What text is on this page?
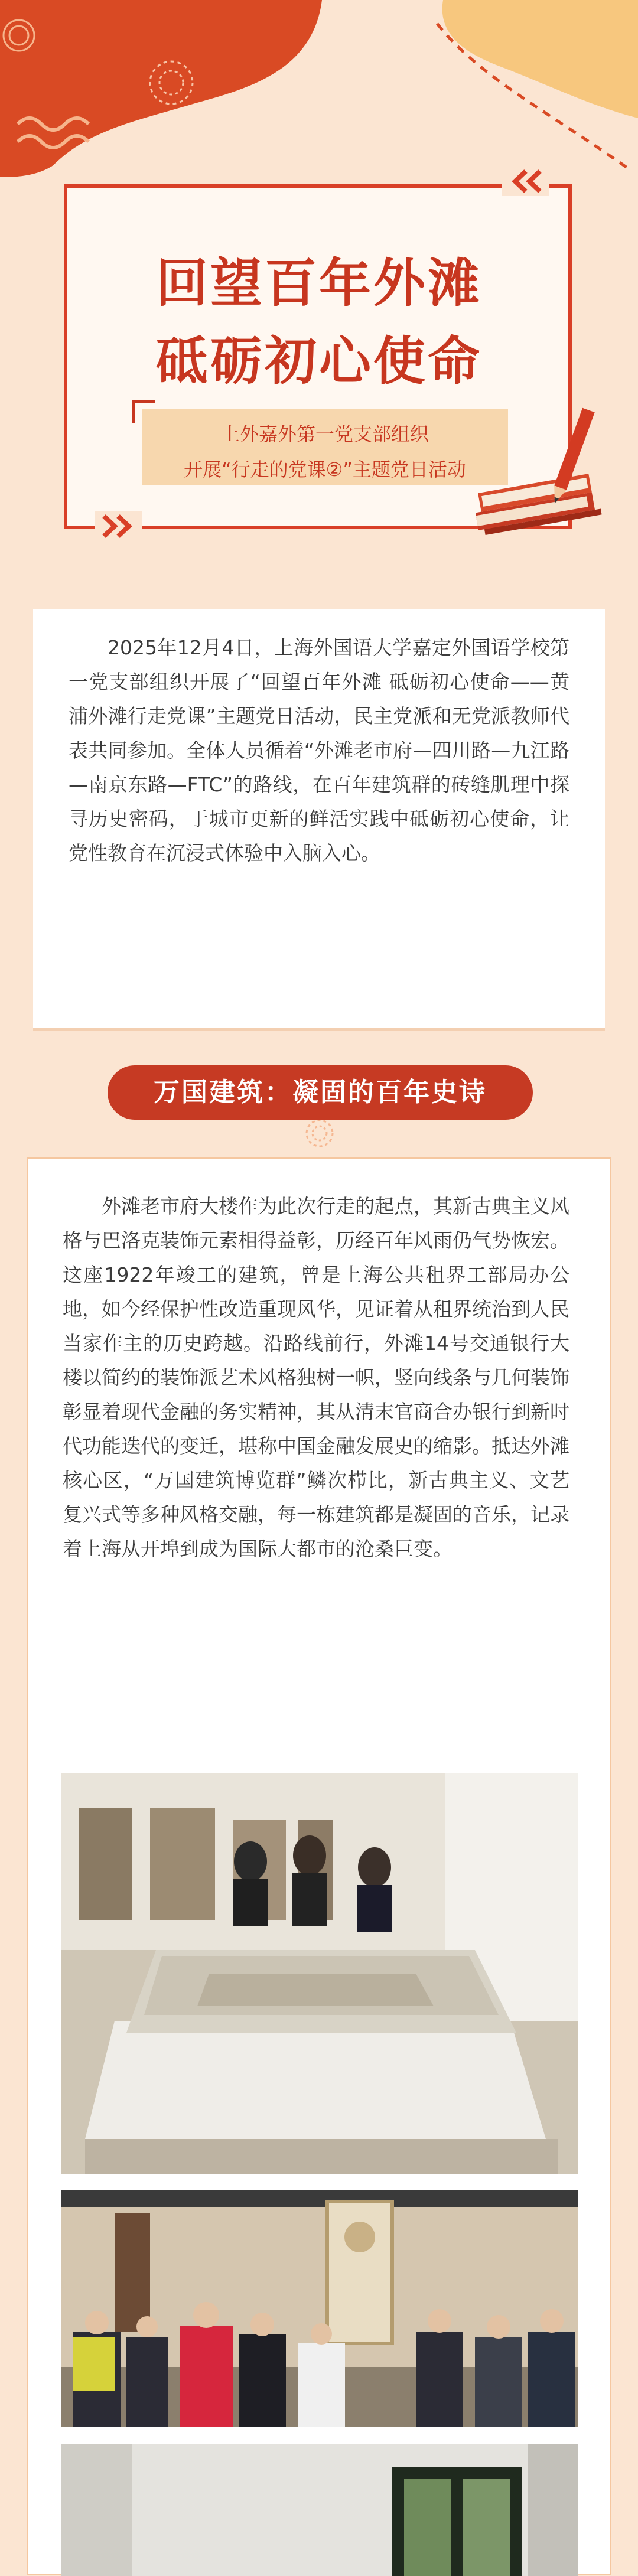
回望百年外滩
砥砺初心使命
上外嘉外第一党支部组织
开展“行走的党课②”主题党日活动

2025年12月4日，上海外国语大学嘉定外国语学校第一党支部组织开展了“回望百年外滩 砥砺初心使命——黄浦外滩行走党课”主题党日活动，民主党派和无党派教师代表共同参加。全体人员循着“外滩老市府—四川路—九江路—南京东路—FTC”的路线，在百年建筑群的砖缝肌理中探寻历史密码，于城市更新的鲜活实践中砥砺初心使命，让党性教育在沉浸式体验中入脑入心。

万国建筑：凝固的百年史诗

外滩老市府大楼作为此次行走的起点，其新古典主义风格与巴洛克装饰元素相得益彰，历经百年风雨仍气势恢宏。这座1922年竣工的建筑，曾是上海公共租界工部局办公地，如今经保护性改造重现风华，见证着从租界统治到人民当家作主的历史跨越。沿路线前行，外滩14号交通银行大楼以简约的装饰派艺术风格独树一帜，竖向线条与几何装饰彰显着现代金融的务实精神，其从清末官商合办银行到新时代功能迭代的变迁，堪称中国金融发展史的缩影。抵达外滩核心区，“万国建筑博览群”鳞次栉比，新古典主义、文艺复兴式等多种风格交融，每一栋建筑都是凝固的音乐，记录着上海从开埠到成为国际大都市的沧桑巨变。
